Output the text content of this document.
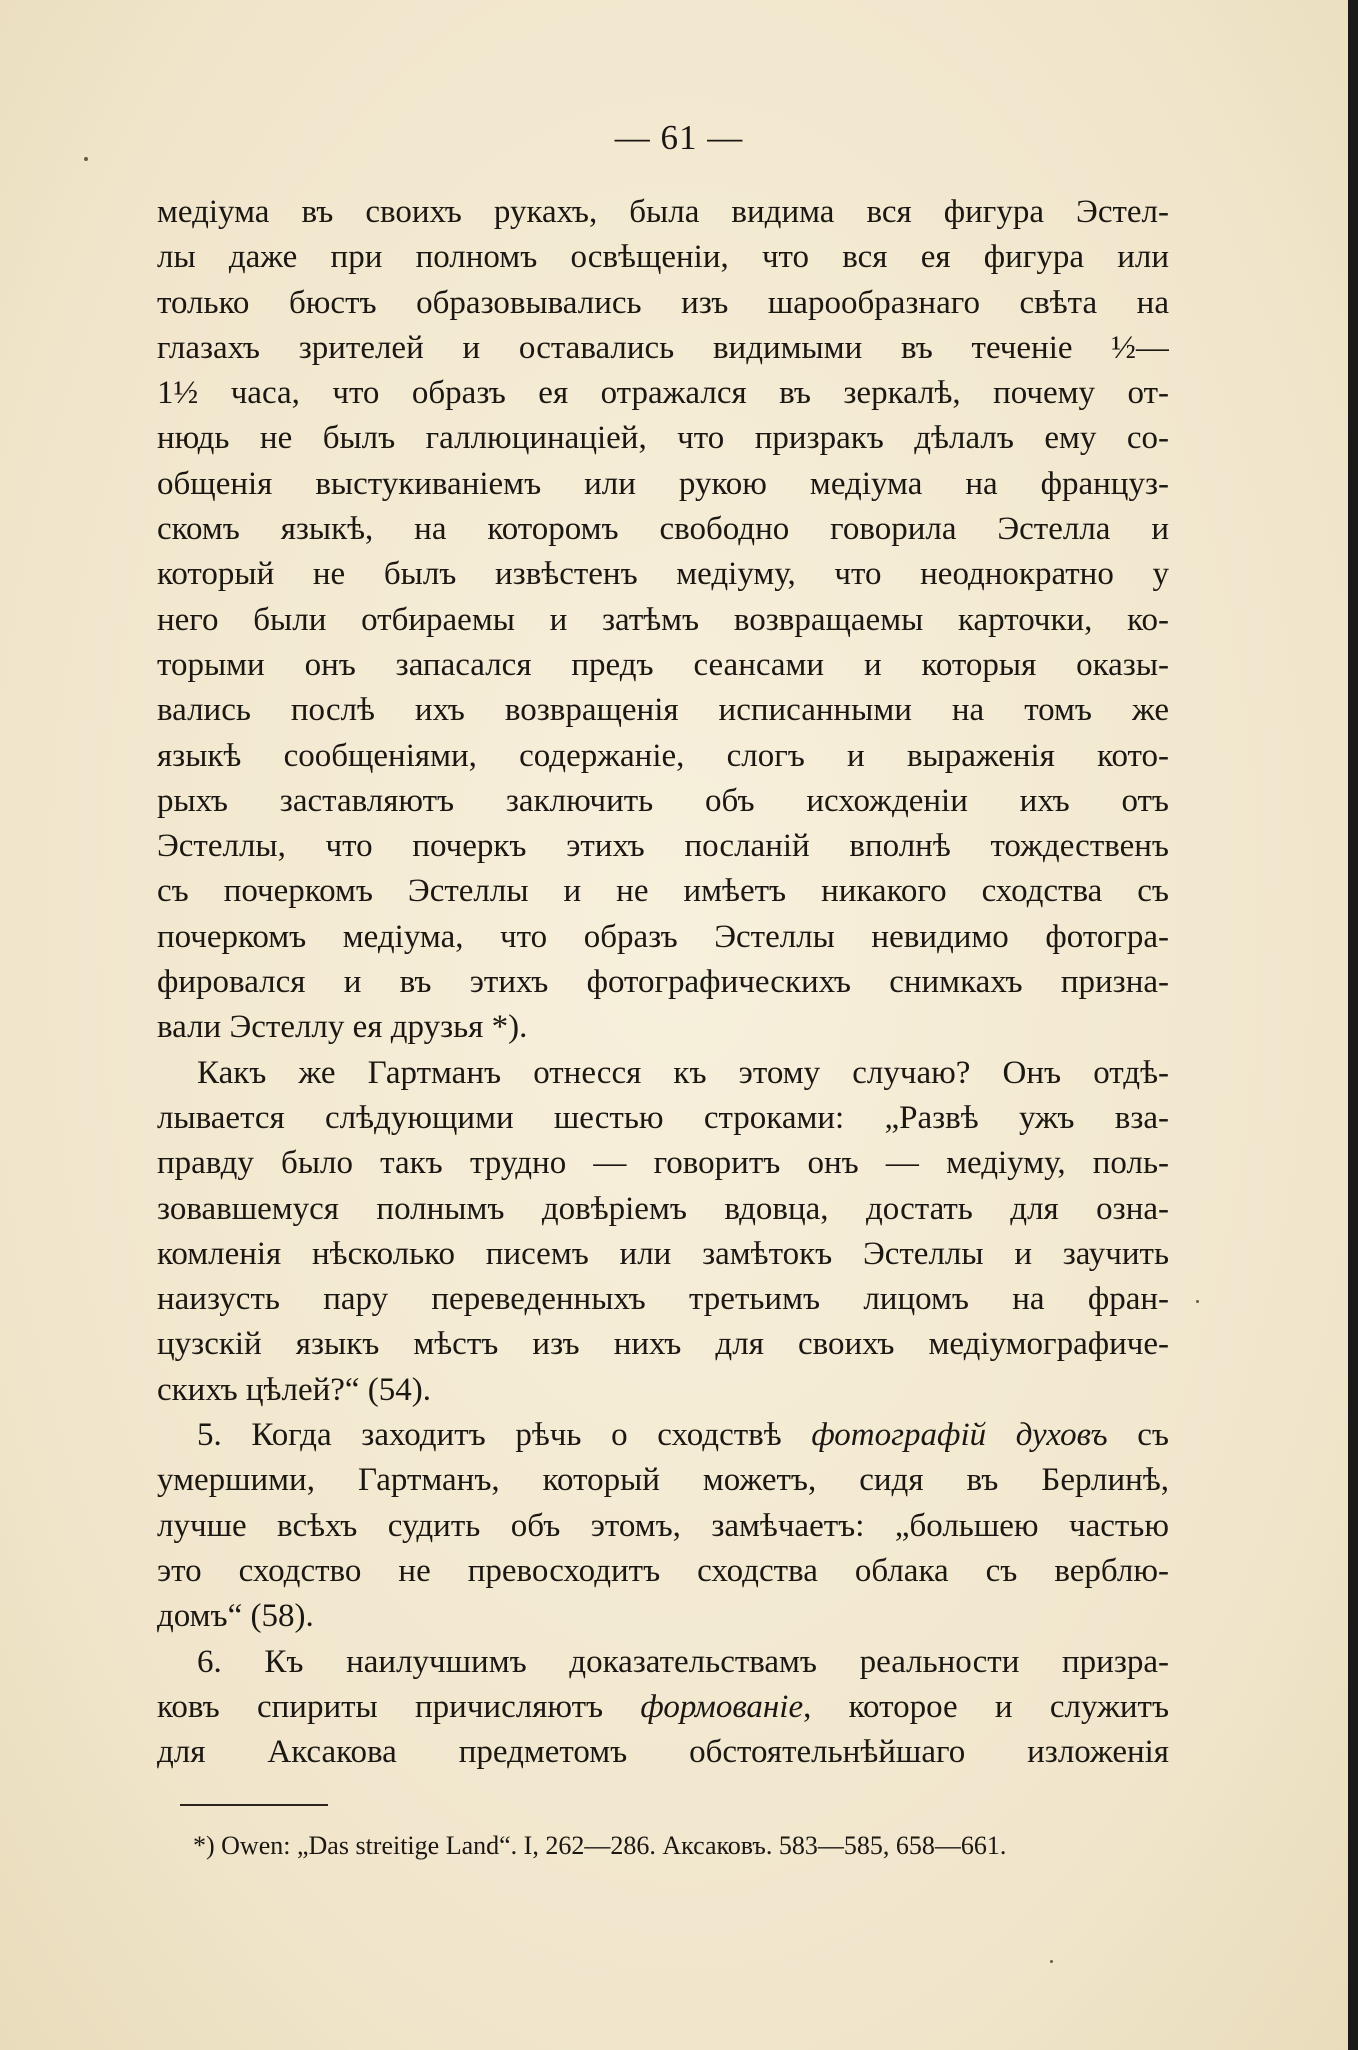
— 61 —
медіума въ своихъ рукахъ, была видима вся фигура Эстел-
лы даже при полномъ освѣщеніи, что вся ея фигура или
только бюстъ образовывались изъ шарообразнаго свѣта на
глазахъ зрителей и оставались видимыми въ теченіе ½—
1½ часа, что образъ ея отражался въ зеркалѣ, почему от-
нюдь не былъ галлюцинаціей, что призракъ дѣлалъ ему со-
общенія выстукиваніемъ или рукою медіума на француз-
скомъ языкѣ, на которомъ свободно говорила Эстелла и
который не былъ извѣстенъ медіуму, что неоднократно у
него были отбираемы и затѣмъ возвращаемы карточки, ко-
торыми онъ запасался предъ сеансами и которыя оказы-
вались послѣ ихъ возвращенія исписанными на томъ же
языкѣ сообщеніями, содержаніе, слогъ и выраженія кото-
рыхъ заставляютъ заключить объ исхожденіи ихъ отъ
Эстеллы, что почеркъ этихъ посланій вполнѣ тождественъ
съ почеркомъ Эстеллы и не имѣетъ никакого сходства съ
почеркомъ медіума, что образъ Эстеллы невидимо фотогра-
фировался и въ этихъ фотографическихъ снимкахъ призна-
вали Эстеллу ея друзья *).
Какъ же Гартманъ отнесся къ этому случаю? Онъ отдѣ-
лывается слѣдующими шестью строками: „Развѣ ужъ вза-
правду было такъ трудно — говоритъ онъ — медіуму, поль-
зовавшемуся полнымъ довѣріемъ вдовца, достать для озна-
комленія нѣсколько писемъ или замѣтокъ Эстеллы и заучить
наизусть пару переведенныхъ третьимъ лицомъ на фран-
цузскій языкъ мѣстъ изъ нихъ для своихъ медіумографиче-
скихъ цѣлей?“ (54).
5. Когда заходитъ рѣчь о сходствѣ фотографій духовъ съ
умершими, Гартманъ, который можетъ, сидя въ Берлинѣ,
лучше всѣхъ судить объ этомъ, замѣчаетъ: „большею частью
это сходство не превосходитъ сходства облака съ верблю-
домъ“ (58).
6. Къ наилучшимъ доказательствамъ реальности призра-
ковъ спириты причисляютъ формованіе, которое и служитъ
для Аксакова предметомъ обстоятельнѣйшаго изложенія
*) Owen: „Das streitige Land“. I, 262—286. Аксаковъ. 583—585, 658—661.
